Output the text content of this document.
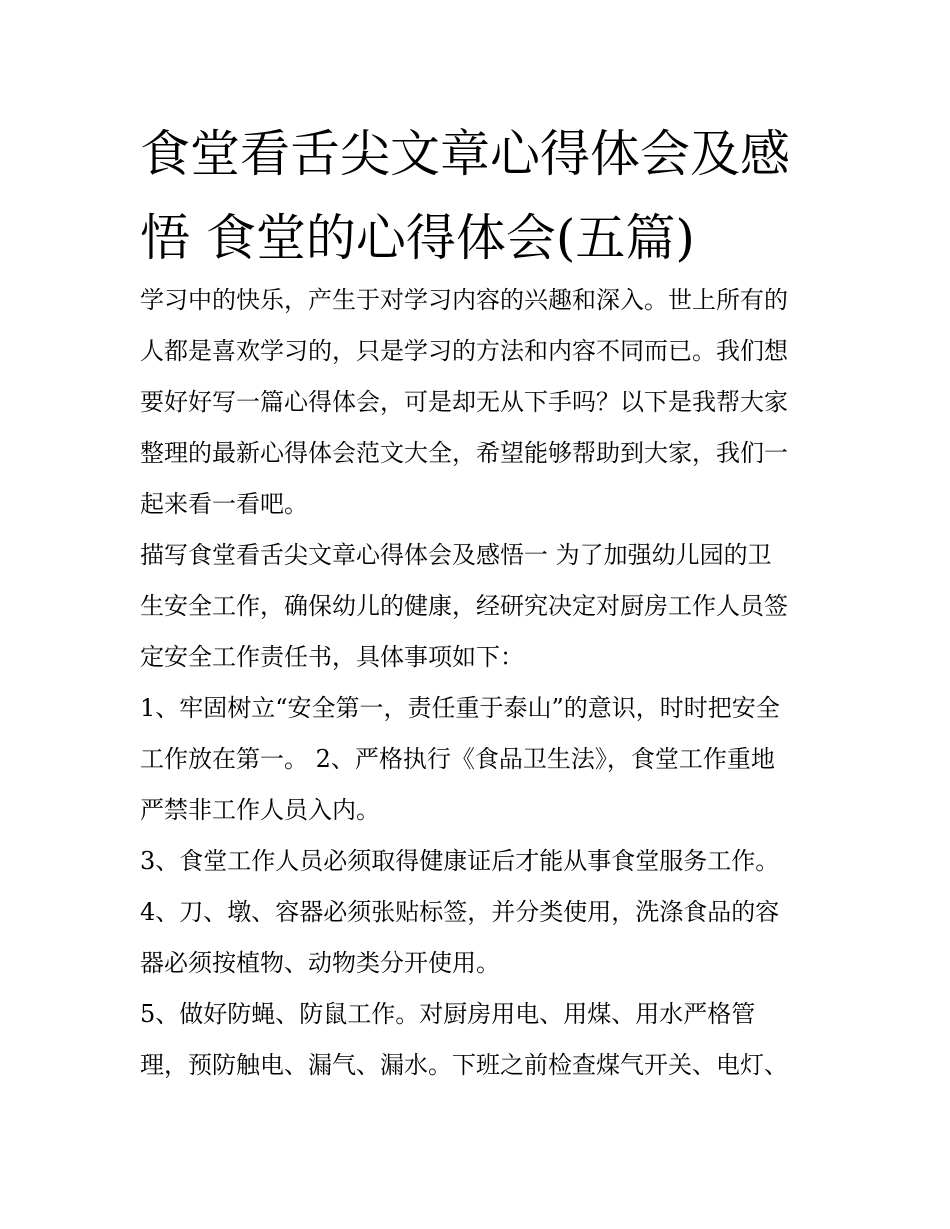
食堂看舌尖文章心得体会及感
悟 食堂的心得体会(五篇)
学习中的快乐，产生于对学习内容的兴趣和深入。世上所有的
人都是喜欢学习的，只是学习的方法和内容不同而已。我们想
要好好写一篇心得体会，可是却无从下手吗？以下是我帮大家
整理的最新心得体会范文大全，希望能够帮助到大家，我们一
起来看一看吧。
描写食堂看舌尖文章心得体会及感悟一 为了加强幼儿园的卫
生安全工作，确保幼儿的健康，经研究决定对厨房工作人员签
定安全工作责任书，具体事项如下：
1、牢固树立“安全第一，责任重于泰山”的意识，时时把安全
工作放在第一。 2、严格执行《食品卫生法》，食堂工作重地
严禁非工作人员入内。
3、食堂工作人员必须取得健康证后才能从事食堂服务工作。
4、刀、墩、容器必须张贴标签，并分类使用，洗涤食品的容
器必须按植物、动物类分开使用。
5、做好防蝇、防鼠工作。对厨房用电、用煤、用水严格管
理，预防触电、漏气、漏水。下班之前检查煤气开关、电灯、
